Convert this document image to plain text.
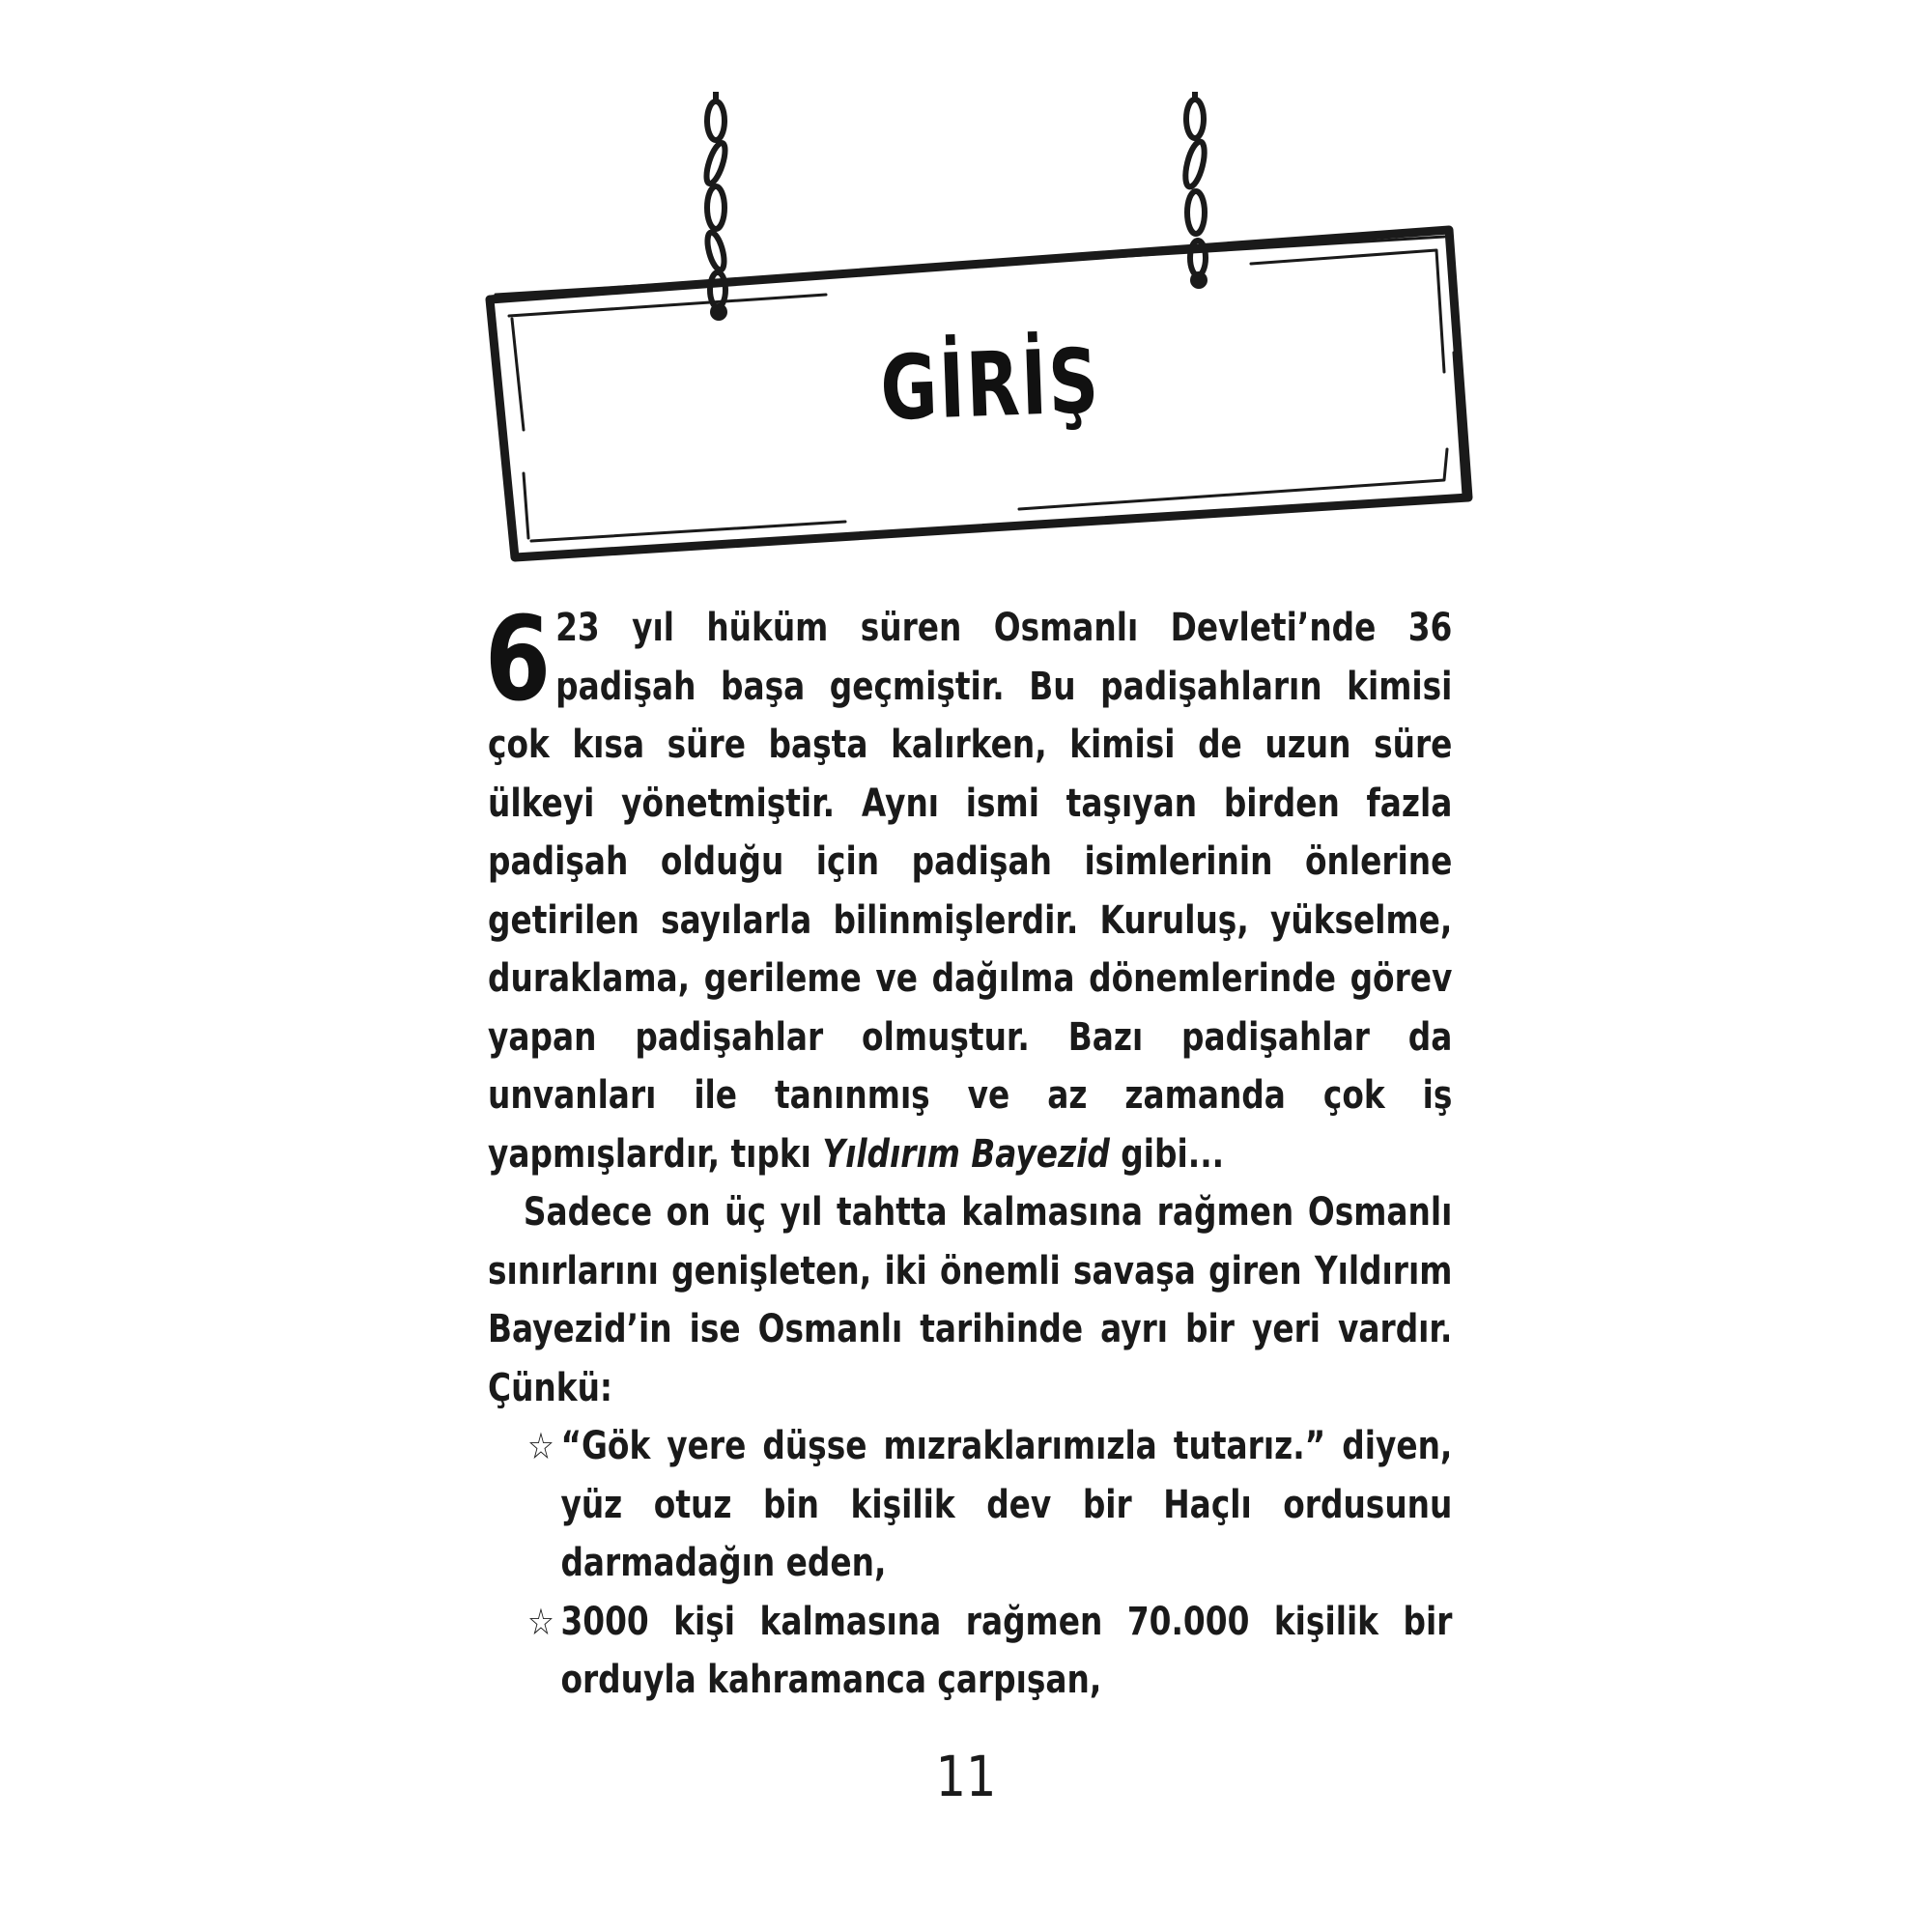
GİRİŞ

6 23 yıl hüküm süren Osmanlı Devleti’nde 36 padişah başa geçmiştir. Bu padişahların kimisi çok kısa süre başta kalırken, kimisi de uzun süre ülkeyi yönetmiştir. Aynı ismi taşıyan birden fazla padişah olduğu için padişah isimlerinin önlerine getirilen sayılarla bilinmişlerdir. Kuruluş, yükselme, duraklama, gerileme ve dağılma dönemlerinde görev yapan padişahlar olmuştur. Bazı padişahlar da unvanları ile tanınmış ve az zamanda çok iş yapmışlardır, tıpkı Yıldırım Bayezid gibi...

Sadece on üç yıl tahtta kalmasına rağmen Osmanlı sınırlarını genişleten, iki önemli savaşa giren Yıldırım Bayezid’in ise Osmanlı tarihinde ayrı bir yeri vardır. Çünkü:

☆ “Gök yere düşse mızraklarımızla tutarız.” diyen, yüz otuz bin kişilik dev bir Haçlı ordusunu darmadağın eden,
☆ 3000 kişi kalmasına rağmen 70.000 kişilik bir orduyla kahramanca çarpışan,
11
